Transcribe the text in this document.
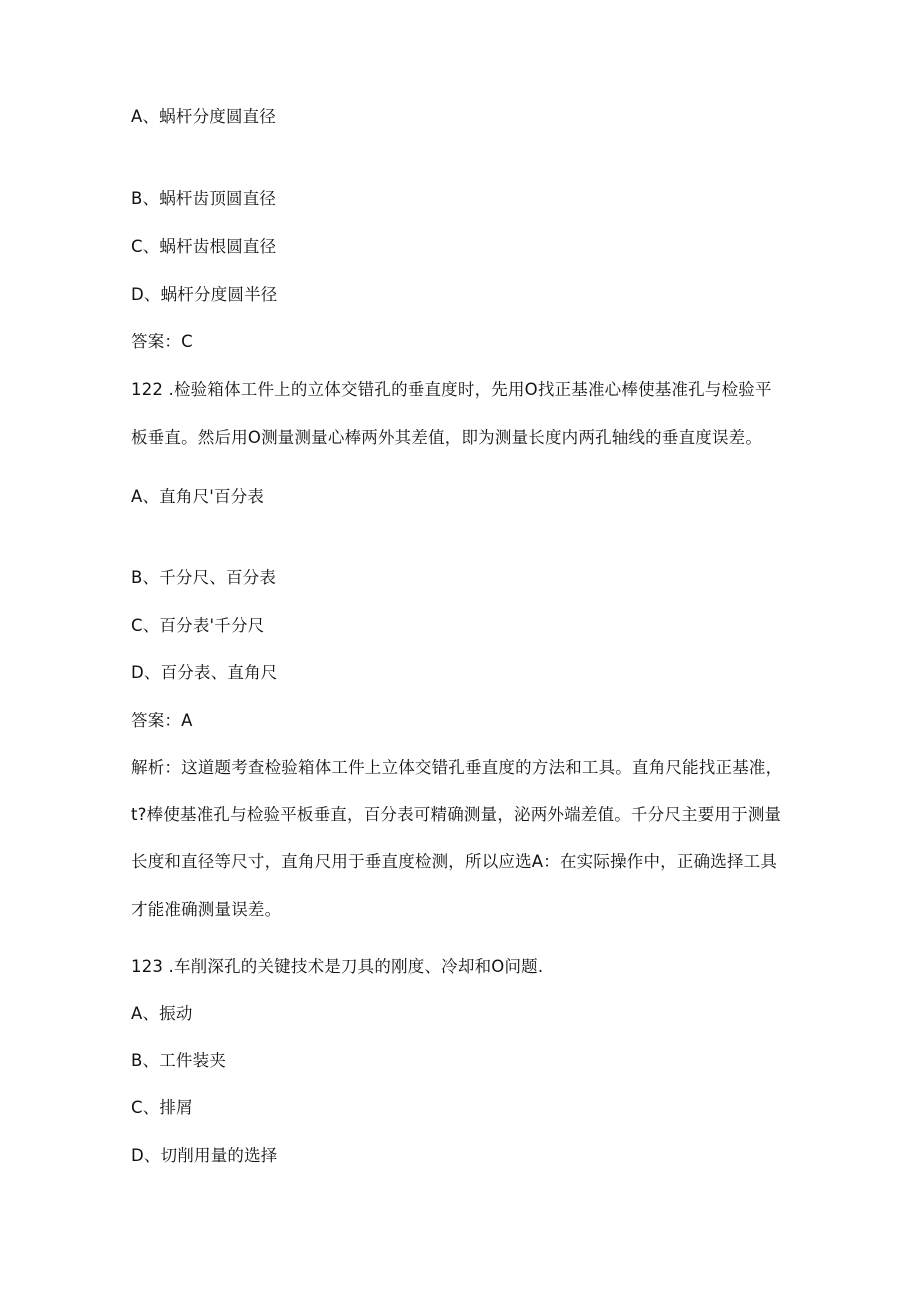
A、蜗杆分度圆直径
B、蜗杆齿顶圆直径
C、蜗杆齿根圆直径
D、蜗杆分度圆半径
答案：C
122 .检验箱体工件上的立体交错孔的垂直度时，先用O找正基准心棒使基准孔与检验平
板垂直。然后用O测量测量心棒两外其差值，即为测量长度内两孔轴线的垂直度误差。
A、直角尺'百分表
B、千分尺、百分表
C、百分表'千分尺
D、百分表、直角尺
答案：A
解析：这道题考查检验箱体工件上立体交错孔垂直度的方法和工具。直角尺能找正基准，
t?棒使基准孔与检验平板垂直，百分表可精确测量，泌两外端差值。千分尺主要用于测量
长度和直径等尺寸，直角尺用于垂直度检测，所以应选A：在实际操作中，正确选择工具
才能准确测量误差。
123 .车削深孔的关键技术是刀具的刚度、冷却和O问题.
A、振动
B、工件装夹
C、排屑
D、切削用量的选择
